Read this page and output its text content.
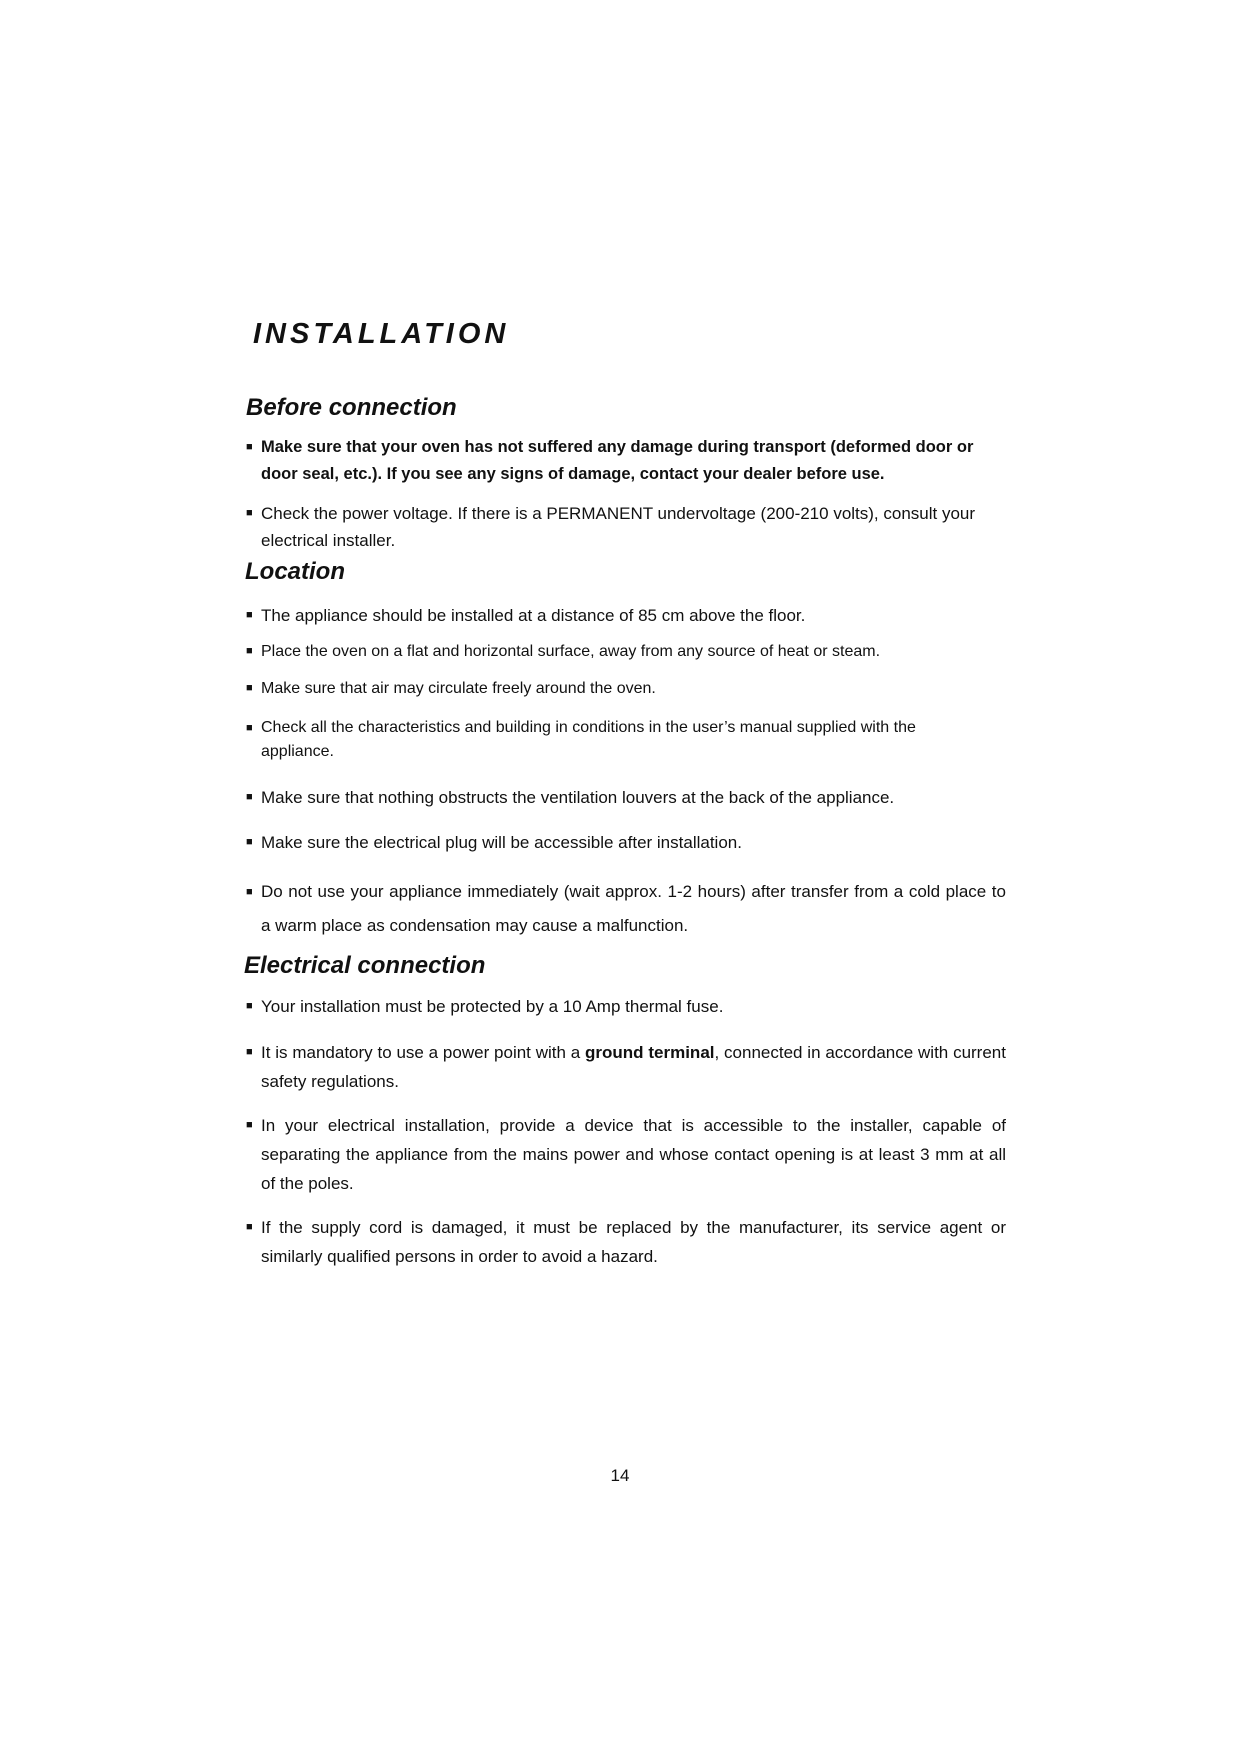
INSTALLATION
Before connection

■ Make sure that your oven has not suffered any damage during transport (deformed door or door seal, etc.). If you see any signs of damage, contact your dealer before use.

■ Check the power voltage. If there is a PERMANENT undervoltage (200-210 volts), consult your electrical installer.

Location

■ The appliance should be installed at a distance of 85 cm above the floor.

■ Place the oven on a flat and horizontal surface, away from any source of heat or steam.

■ Make sure that air may circulate freely around the oven.

■ Check all the characteristics and building in conditions in the user’s manual supplied with the appliance.

■ Make sure that nothing obstructs the ventilation louvers at the back of the appliance.

■ Make sure the electrical plug will be accessible after installation.

■ Do not use your appliance immediately (wait approx. 1-2 hours) after transfer from a cold place to a warm place as condensation may cause a malfunction.

Electrical connection

■ Your installation must be protected by a 10 Amp thermal fuse.

■ It is mandatory to use a power point with a ground terminal, connected in accordance with current safety regulations.

■ In your electrical installation, provide a device that is accessible to the installer, capable of separating the appliance from the mains power and whose contact opening is at least 3 mm at all of the poles.

■ If the supply cord is damaged, it must be replaced by the manufacturer, its service agent or similarly qualified persons in order to avoid a hazard.

14
